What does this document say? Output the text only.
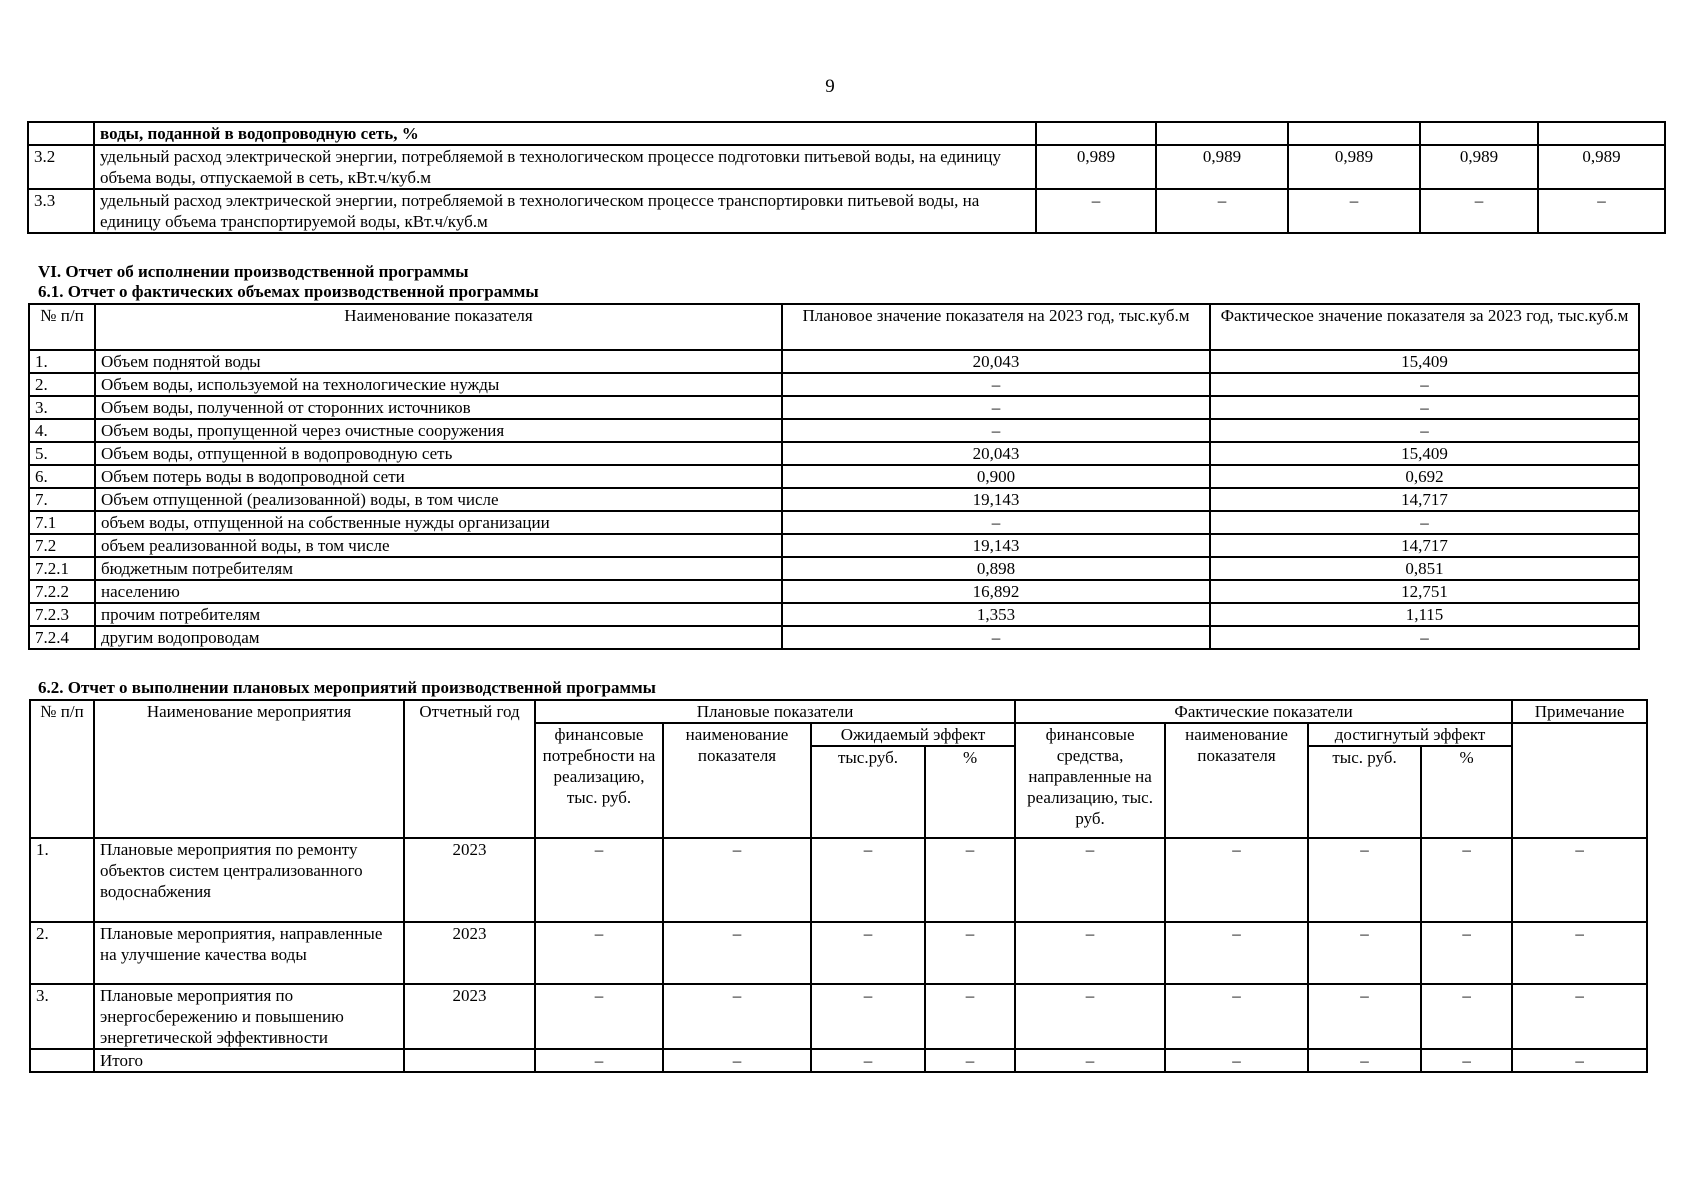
9
	воды, поданной в водопроводную сеть, %					
3.2	удельный расход электрической энергии, потребляемой в технологическом процессе подготовки питьевой воды, на единицу объема воды, отпускаемой в сеть, кВт.ч/куб.м	0,989	0,989	0,989	0,989	0,989
3.3	удельный расход электрической энергии, потребляемой в технологическом процессе транспортировки питьевой воды, на единицу объема транспортируемой воды, кВт.ч/куб.м	–	–	–	–	–
VI. Отчет об исполнении производственной программы
6.1. Отчет о фактических объемах производственной программы
№ п/п	Наименование показателя	Плановое значение показателя на 2023 год, тыс.куб.м	Фактическое значение показателя за 2023 год, тыс.куб.м
1.	Объем поднятой воды	20,043	15,409
2.	Объем воды, используемой на технологические нужды	–	–
3.	Объем воды, полученной от сторонних источников	–	–
4.	Объем воды, пропущенной через очистные сооружения	–	–
5.	Объем воды, отпущенной в водопроводную сеть	20,043	15,409
6.	Объем потерь воды в водопроводной сети	0,900	0,692
7.	Объем отпущенной (реализованной) воды, в том числе	19,143	14,717
7.1	объем воды, отпущенной на собственные нужды организации	–	–
7.2	объем реализованной воды, в том числе	19,143	14,717
7.2.1	бюджетным потребителям	0,898	0,851
7.2.2	населению	16,892	12,751
7.2.3	прочим потребителям	1,353	1,115
7.2.4	другим водопроводам	–	–
6.2. Отчет о выполнении плановых мероприятий производственной программы
№ п/п	Наименование мероприятия	Отчетный год	Плановые показатели				Фактические показатели				Примечание
			финансовые потребности на реализацию, тыс. руб.	наименование показателя	Ожидаемый эффект		финансовые средства, направленные на реализацию, тыс. руб.	наименование показателя	достигнутый эффект		
					тыс.руб.	%			тыс. руб.	%	
1.	Плановые мероприятия по ремонту объектов систем централизованного водоснабжения	2023	–	–	–	–	–	–	–	–	–
2.	Плановые мероприятия, направленные на улучшение качества воды	2023	–	–	–	–	–	–	–	–	–
3.	Плановые мероприятия по энергосбережению и повышению энергетической эффективности	2023	–	–	–	–	–	–	–	–	–
	Итого		–	–	–	–	–	–	–	–	–
